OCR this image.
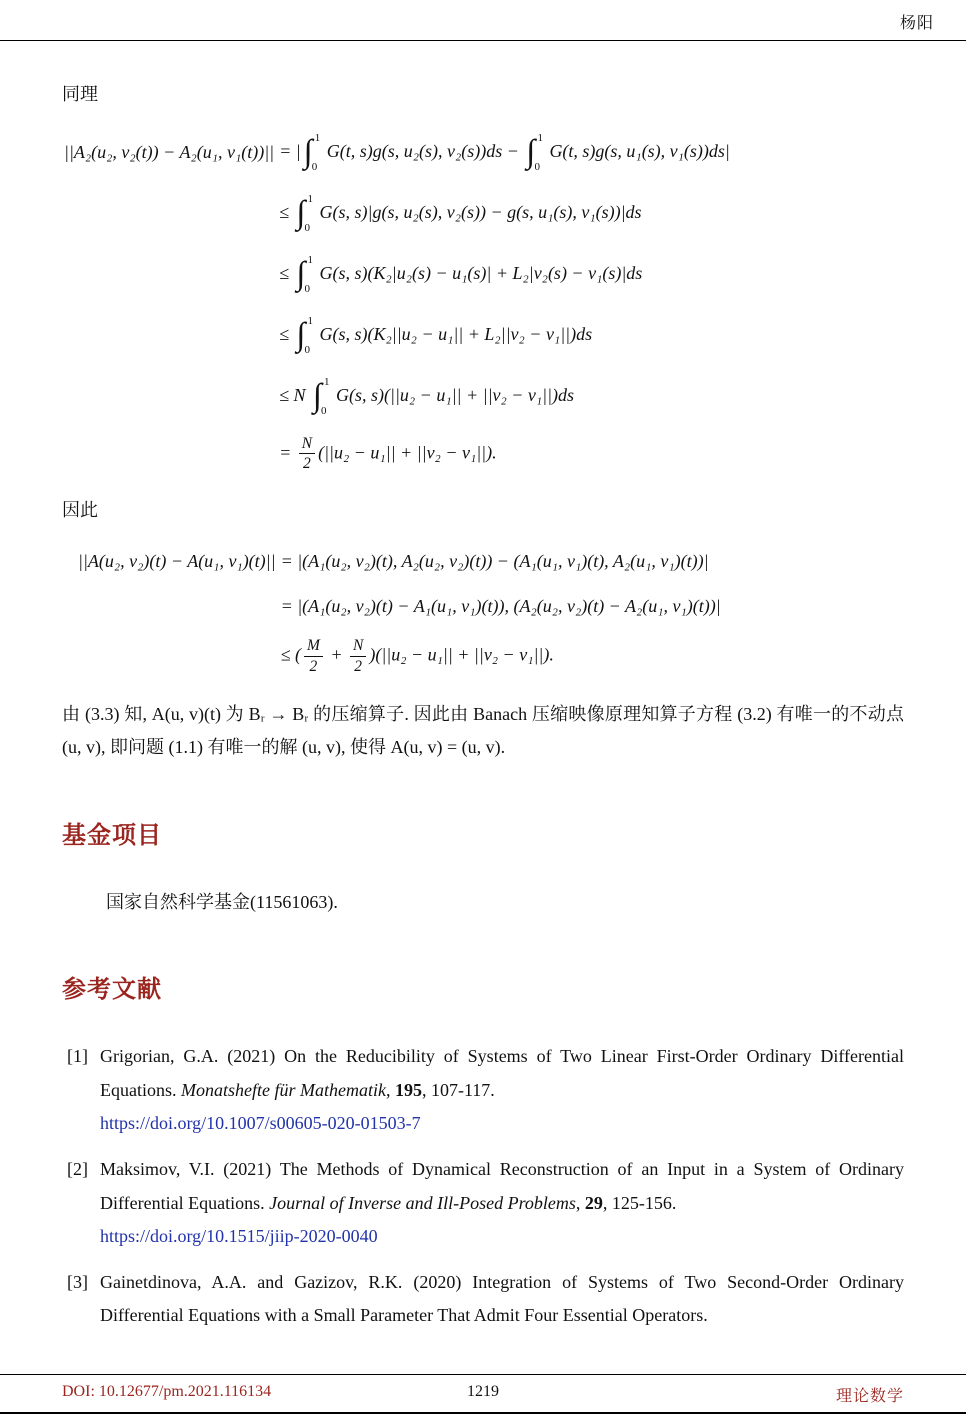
杨阳
同理
||A₂(u₂, v₂(t)) − A₂(u₁, v₁(t))|| = | ∫ 1
0
G(t, s)g(s, u₂(s), v₂(s))ds − ∫ 1
0
G(t, s)g(s, u₁(s), v₁(s))ds|
≤ ∫ 1
0
G(s, s)|g(s, u₂(s), v₂(s)) − g(s, u₁(s), v₁(s))|ds
≤ ∫ 1
0
G(s, s)(K₂|u₂(s) − u₁(s)| + L₂|v₂(s) − v₁(s)|ds
≤ ∫ 1
0
G(s, s)(K₂||u₂ − u₁|| + L₂||v₂ − v₁||)ds
≤ N ∫ 1
0
G(s, s)(||u₂ − u₁|| + ||v₂ − v₁||)ds
= $\frac{N}{2} (||u_2 - u_1|| + ||v_2 - v_1||)$.
因此
||A(u₂, v₂)(t) − A(u₁, v₁)(t)|| = |(A₁(u₂, v₂)(t), A₂(u₂, v₂)(t)) − (A₁(u₁, v₁)(t), A₂(u₁, v₁)(t))|
= |(A₁(u₂, v₂)(t) − A₁(u₁, v₁)(t)), (A₂(u₂, v₂)(t) − A₂(u₁, v₁)(t))|
≤ ( $\frac{M}{2} + \frac{N}{2} )(||u_2 - u_1|| + ||v_2 - v_1||)$.
由 (3.3) 知, A(u, v)(t) 为 Bᵣ → Bᵣ 的压缩算子. 因此由 Banach 压缩映像原理知算子方程 (3.2) 有唯一的不动点 (u, v), 即问题 (1.1) 有唯一的解 (u, v), 使得 A(u, v) = (u, v).
基金项目
国家自然科学基金(11561063).
参考文献
[1] Grigorian, G.A. (2021) On the Reducibility of Systems of Two Linear First-Order Ordinary Differential Equations. Monatshefte für Mathematik, 195, 107-117.
https://doi.org/10.1007/s00605-020-01503-7
[2] Maksimov, V.I. (2021) The Methods of Dynamical Reconstruction of an Input in a System of Ordinary Differential Equations. Journal of Inverse and Ill-Posed Problems, 29, 125-156.
https://doi.org/10.1515/jiip-2020-0040
[3] Gainetdinova, A.A. and Gazizov, R.K. (2020) Integration of Systems of Two Second-Order Ordinary Differential Equations with a Small Parameter That Admit Four Essential Operators.
DOI: 10.12677/pm.2021.116134	1219	理论数学
